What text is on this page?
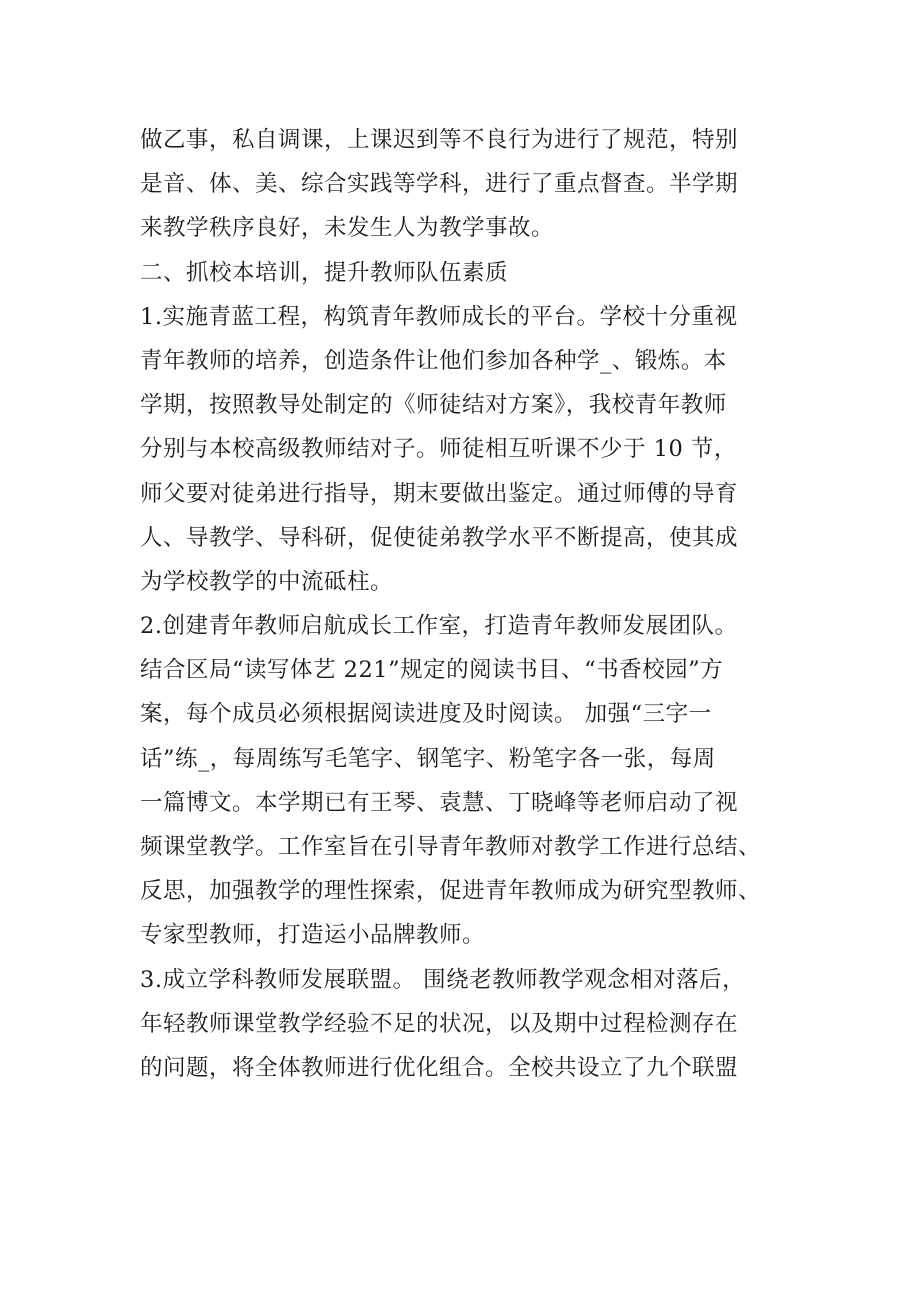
做乙事，私自调课，上课迟到等不良行为进行了规范，特别
是音、体、美、综合实践等学科，进行了重点督查。半学期
来教学秩序良好，未发生人为教学事故。
二、抓校本培训，提升教师队伍素质
1.实施青蓝工程，构筑青年教师成长的平台。学校十分重视
青年教师的培养，创造条件让他们参加各种学_、锻炼。本
学期，按照教导处制定的《师徒结对方案》，我校青年教师
分别与本校高级教师结对子。师徒相互听课不少于 10 节，
师父要对徒弟进行指导，期末要做出鉴定。通过师傅的导育
人、导教学、导科研，促使徒弟教学水平不断提高，使其成
为学校教学的中流砥柱。
2.创建青年教师启航成长工作室，打造青年教师发展团队。
结合区局“读写体艺 221”规定的阅读书目、“书香校园”方
案，每个成员必须根据阅读进度及时阅读。 加强“三字一
话”练_，每周练写毛笔字、钢笔字、粉笔字各一张，每周
一篇博文。本学期已有王琴、袁慧、丁晓峰等老师启动了视
频课堂教学。工作室旨在引导青年教师对教学工作进行总结、
反思，加强教学的理性探索，促进青年教师成为研究型教师、
专家型教师，打造运小品牌教师。
3.成立学科教师发展联盟。 围绕老教师教学观念相对落后，
年轻教师课堂教学经验不足的状况，以及期中过程检测存在
的问题，将全体教师进行优化组合。全校共设立了九个联盟
